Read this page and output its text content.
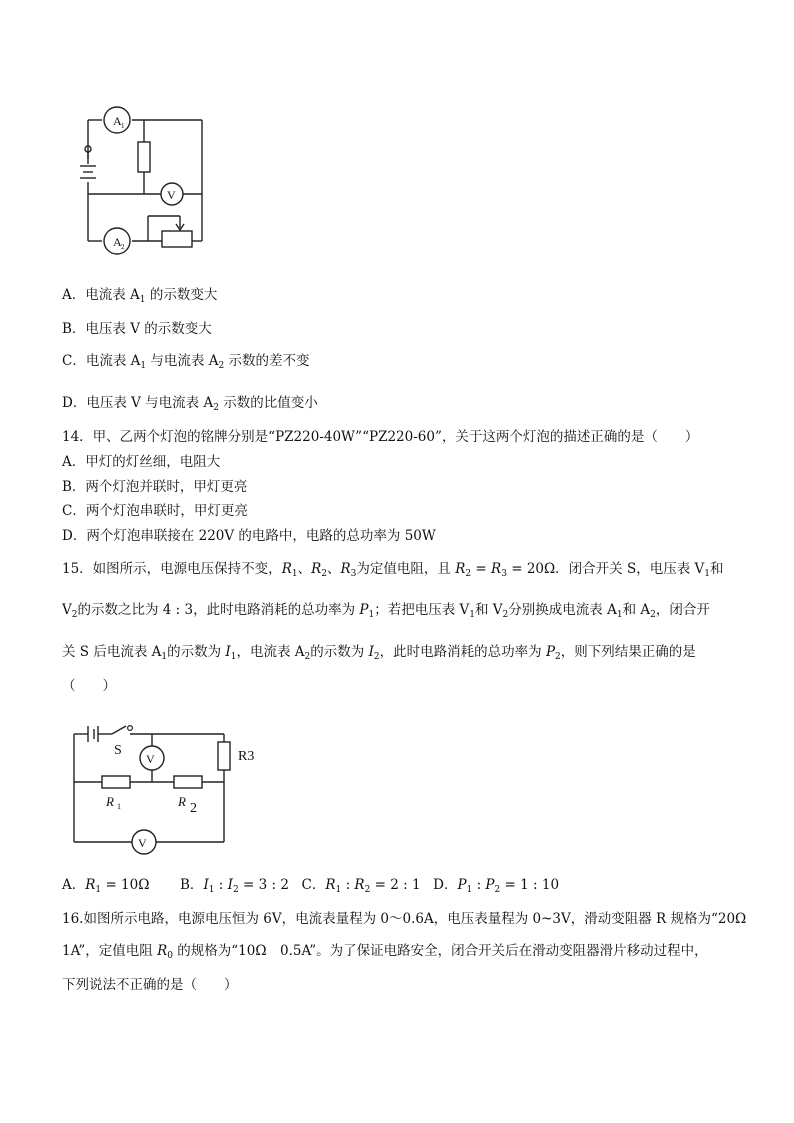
A 1
V
A 2
A．电流表 $A_1$ 的示数变大
B．电压表 V 的示数变大
C．电流表 $A_1$ 与电流表 $A_2$ 示数的差不变
D．电压表 V 与电流表 $A_2$ 示数的比值变小
14．甲、乙两个灯泡的铭牌分别是“PZ220-40W”“PZ220-60”，关于这两个灯泡的描述正确的是（　　）
A．甲灯的灯丝细，电阻大
B．两个灯泡并联时，甲灯更亮
C．两个灯泡串联时，甲灯更亮
D．两个灯泡串联接在 220V 的电路中，电路的总功率为 50W
15．如图所示，电源电压保持不变，$R_1$、$R_2$、$R_3$为定值电阻，且 $R_2 = R_3 = 20\Omega$．闭合开关 S，电压表 $V_1$和
$V_2$的示数之比为 4 : 3，此时电路消耗的总功率为 $P_1$；若把电压表 $V_1$和 $V_2$分别换成电流表 $A_1$和 $A_2$，闭合开
关 S 后电流表 $A_1$的示数为 $I_1$，电流表 $A_2$的示数为 $I_2$，此时电路消耗的总功率为 $P_2$，则下列结果正确的是
（　　）
S	R3
V
R 1	R 2
V
A．$R_1 = 10\Omega$ B．$I_1$ : $I_2 = 3$ : 2 C．$R_1$ : $R_2 = 2$ : 1 D．$P_1$ : $P_2 = 1$ : 10
16.如图所示电路，电源电压恒为 6V，电流表量程为 0～0.6A，电压表量程为 0~3V，滑动变阻器 R 规格为“20Ω
1A”，定值电阻 $R_0$ 的规格为“10Ω　0.5A”。为了保证电路安全，闭合开关后在滑动变阻器滑片移动过程中，
下列说法不正确的是（　　）
